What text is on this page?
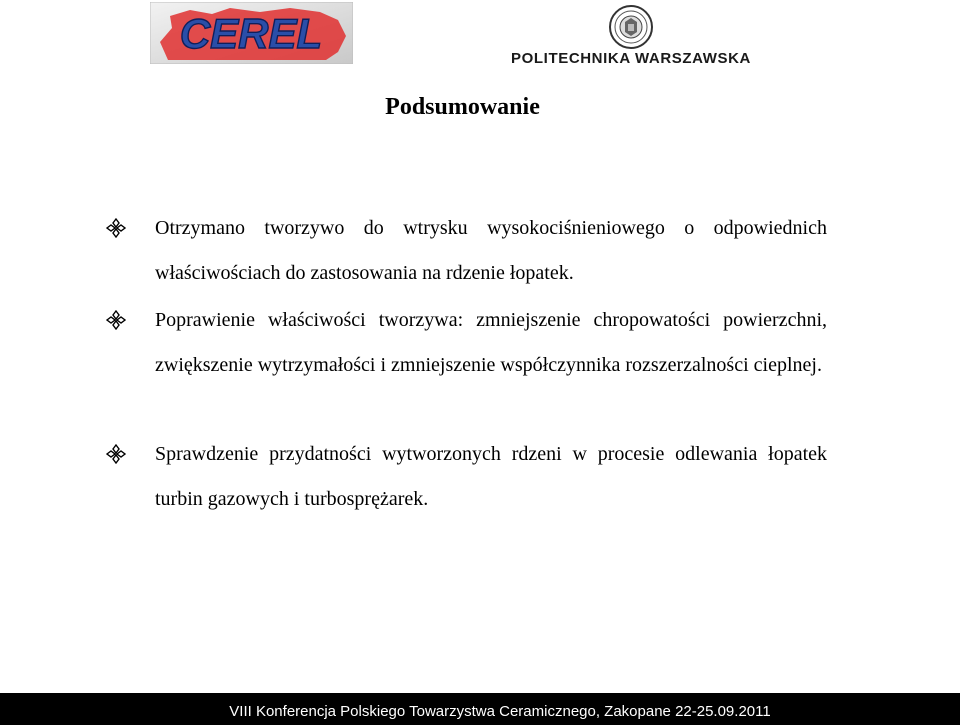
CEREL
POLITECHNIKA WARSZAWSKA
Podsumowanie
Otrzymano tworzywo do wtrysku wysokociśnieniowego o odpowiednich właściwościach do zastosowania na rdzenie łopatek.
Poprawienie właściwości tworzywa: zmniejszenie chropowatości powierzchni, zwiększenie wytrzymałości i zmniejszenie współczynnika rozszerzalności cieplnej.
Sprawdzenie przydatności wytworzonych rdzeni w procesie odlewania łopatek turbin gazowych i turbosprężarek.
VIII Konferencja Polskiego Towarzystwa Ceramicznego, Zakopane 22-25.09.2011
